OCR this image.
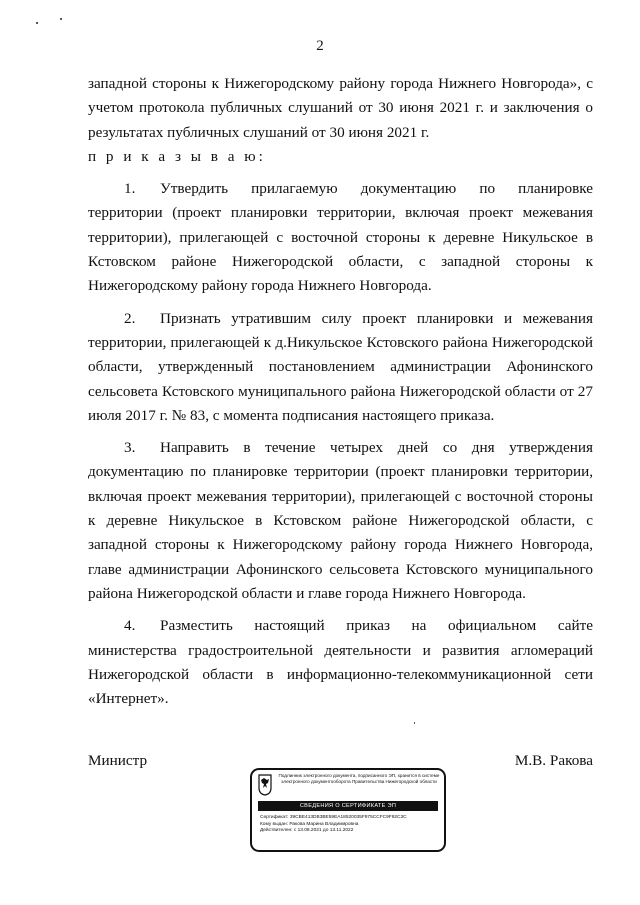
2

западной стороны к Нижегородскому району города Нижнего Новгорода», с учетом протокола публичных слушаний от 30 июня 2021 г. и заключения о результатах публичных слушаний от 30 июня 2021 г.

п р и к а з ы в а ю:

1. Утвердить прилагаемую документацию по планировке территории (проект планировки территории, включая проект межевания территории), прилегающей с восточной стороны к деревне Никульское в Кстовском районе Нижегородской области, с западной стороны к Нижегородскому району города Нижнего Новгорода.

2. Признать утратившим силу проект планировки и межевания территории, прилегающей к д.Никульское Кстовского района Нижегородской области, утвержденный постановлением администрации Афонинского сельсовета Кстовского муниципального района Нижегородской области от 27 июля 2017 г. № 83, с момента подписания настоящего приказа.

3. Направить в течение четырех дней со дня утверждения документацию по планировке территории (проект планировки территории, включая проект межевания территории), прилегающей с восточной стороны к деревне Никульское в Кстовском районе Нижегородской области, с западной стороны к Нижегородскому району города Нижнего Новгорода, главе администрации Афонинского сельсовета Кстовского муниципального района Нижегородской области и главе города Нижнего Новгорода.

4. Разместить настоящий приказ на официальном сайте министерства градостроительной деятельности и развития агломераций Нижегородской области в информационно-телекоммуникационной сети «Интернет».

Министр	М.В. Ракова
Подлинник электронного документа, подписанного ЭП, хранится в системе электронного документооборота Правительства Нижегородской области
СВЕДЕНИЯ О СЕРТИФИКАТЕ ЭП
Сертификат: 39CBE413DB3BE59EA18520035F975CCFC9F92C3C
Кому выдан: Ракова Марина Владимировна
Действителен: с 13.08.2021 до 13.11.2022
